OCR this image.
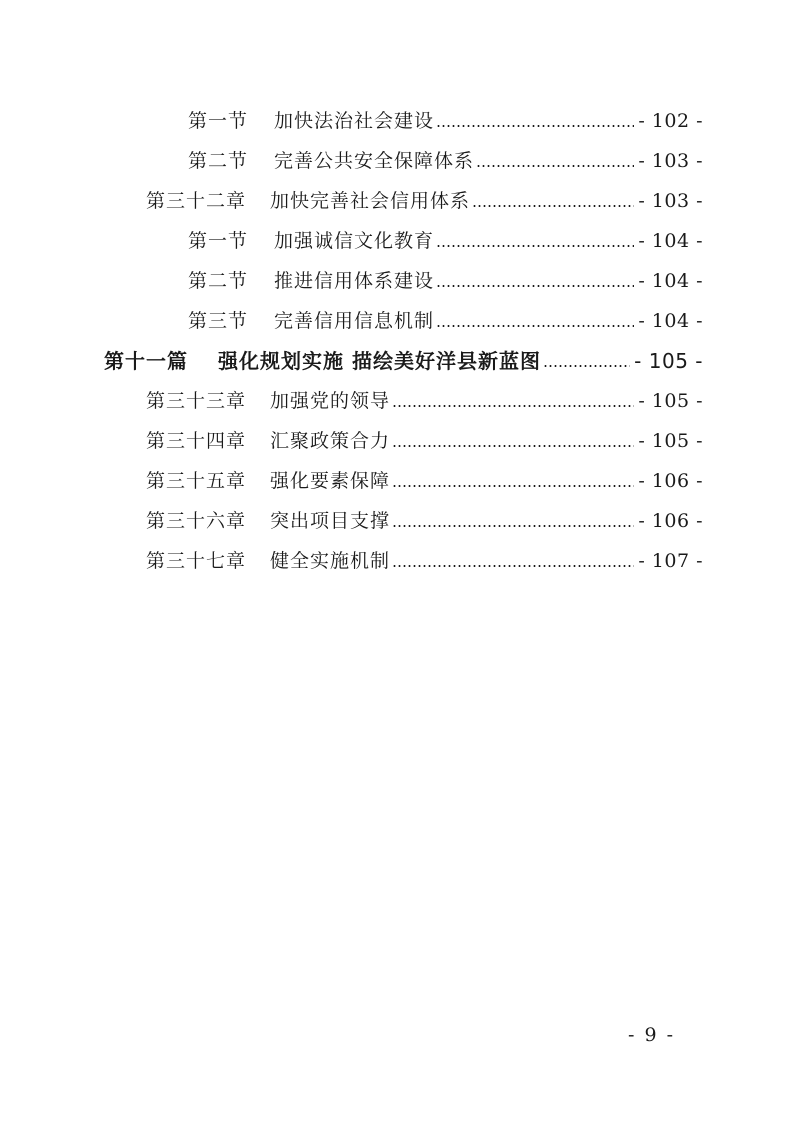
第一节 加快法治社会建设	- 102 -
第二节 完善公共安全保障体系	- 103 -
第三十二章 加快完善社会信用体系	- 103 -
第一节 加强诚信文化教育	- 104 -
第二节 推进信用体系建设	- 104 -
第三节 完善信用信息机制	- 104 -
第十一篇 强化规划实施 描绘美好洋县新蓝图	- 105 -
第三十三章 加强党的领导	- 105 -
第三十四章 汇聚政策合力	- 105 -
第三十五章 强化要素保障	- 106 -
第三十六章 突出项目支撑	- 106 -
第三十七章 健全实施机制	- 107 -
- 9 -
